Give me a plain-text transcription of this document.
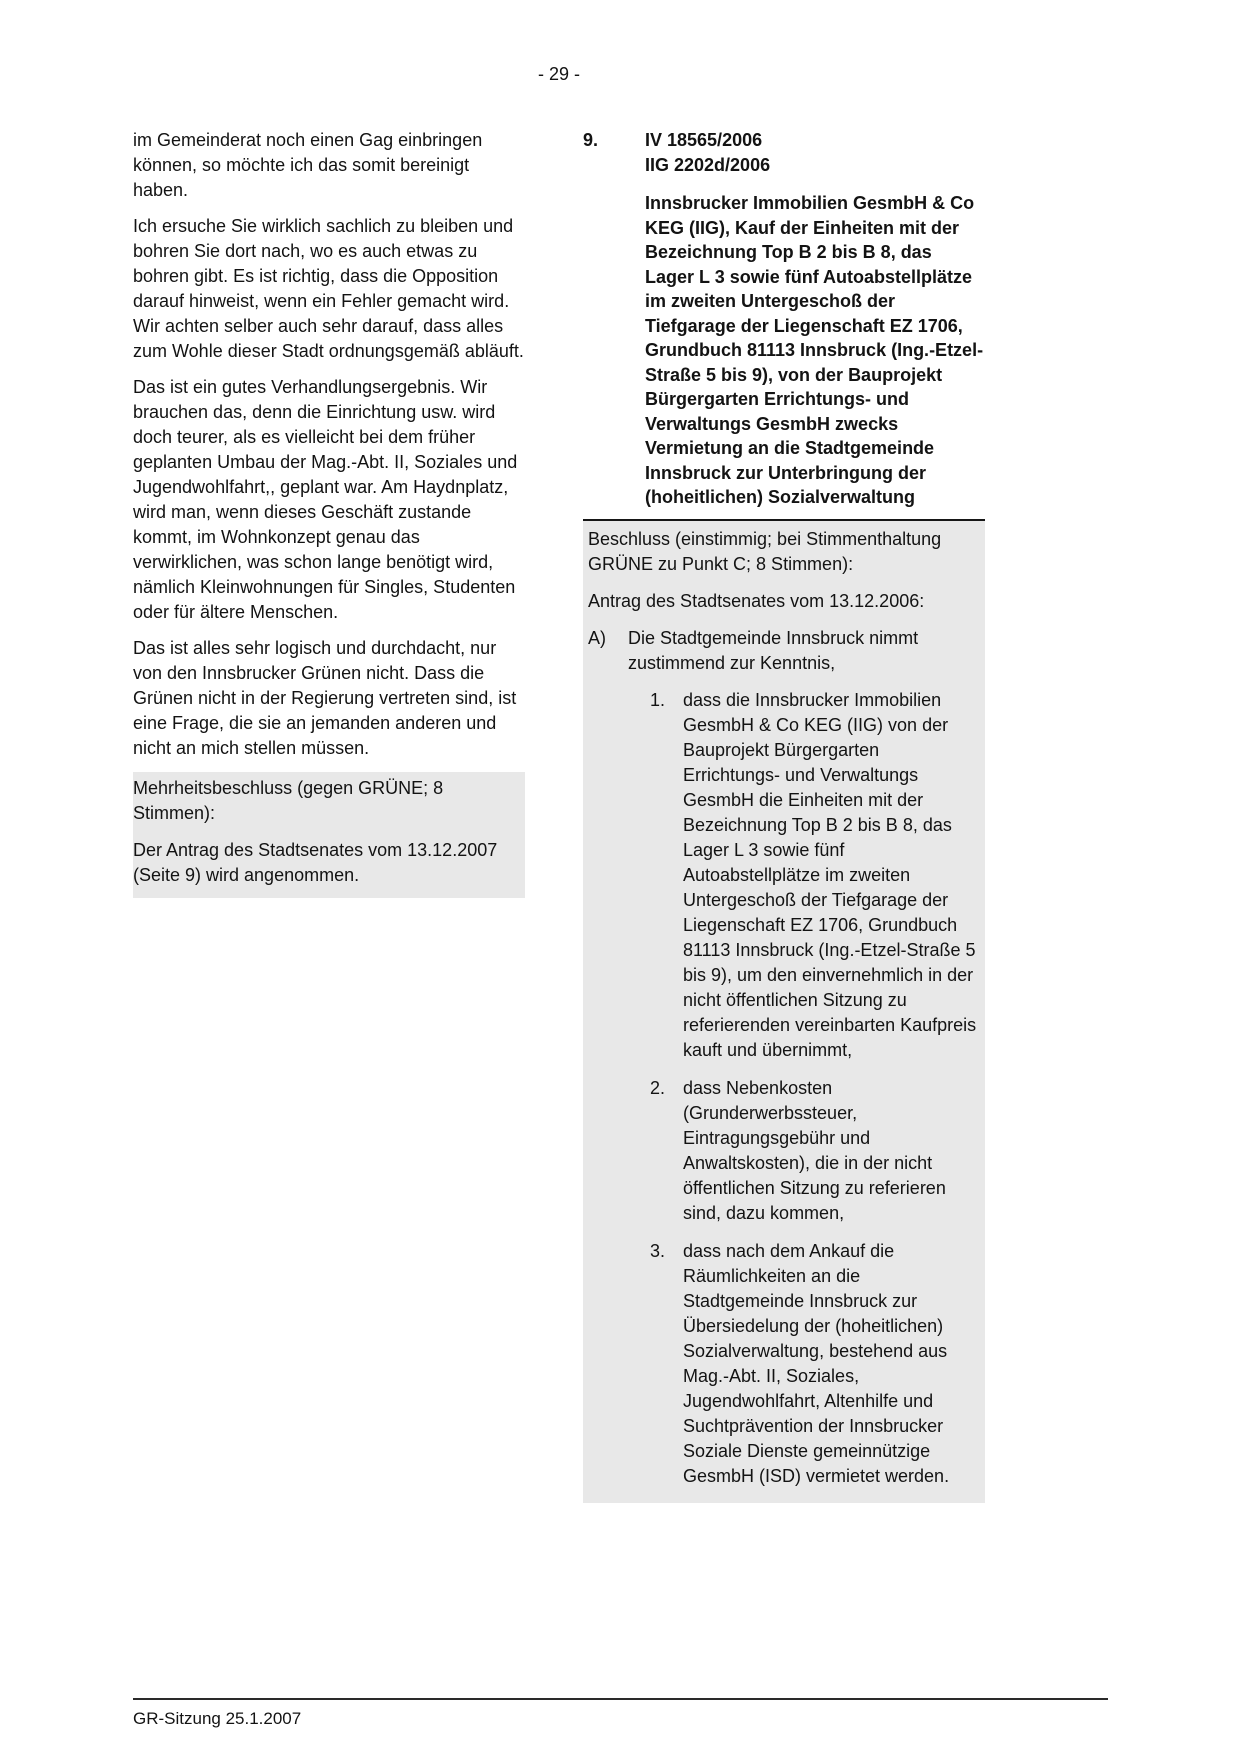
- 29 -

im Gemeinderat noch einen Gag einbringen können, so möchte ich das somit bereinigt haben.

Ich ersuche Sie wirklich sachlich zu bleiben und bohren Sie dort nach, wo es auch etwas zu bohren gibt. Es ist richtig, dass die Opposition darauf hinweist, wenn ein Fehler gemacht wird. Wir achten selber auch sehr darauf, dass alles zum Wohle dieser Stadt ordnungsgemäß abläuft.

Das ist ein gutes Verhandlungsergebnis. Wir brauchen das, denn die Einrichtung usw. wird doch teurer, als es vielleicht bei dem früher geplanten Umbau der Mag.-Abt. II, Soziales und Jugendwohlfahrt,, geplant war. Am Haydnplatz, wird man, wenn dieses Geschäft zustande kommt, im Wohnkonzept genau das verwirklichen, was schon lange benötigt wird, nämlich Kleinwohnungen für Singles, Studenten oder für ältere Menschen.

Das ist alles sehr logisch und durchdacht, nur von den Innsbrucker Grünen nicht. Dass die Grünen nicht in der Regierung vertreten sind, ist eine Frage, die sie an jemanden anderen und nicht an mich stellen müssen.

Mehrheitsbeschluss (gegen GRÜNE; 8 Stimmen):

Der Antrag des Stadtsenates vom 13.12.2007 (Seite 9) wird angenommen.

9.	IV 18565/2006
IIG 2202d/2006

Innsbrucker Immobilien GesmbH & Co KEG (IIG), Kauf der Einheiten mit der Bezeichnung Top B 2 bis B 8, das Lager L 3 sowie fünf Autoabstellplätze im zweiten Untergeschoß der Tiefgarage der Liegenschaft EZ 1706, Grundbuch 81113 Innsbruck (Ing.-Etzel-Straße 5 bis 9), von der Bauprojekt Bürgergarten Errichtungs- und Verwaltungs GesmbH zwecks Vermietung an die Stadtgemeinde Innsbruck zur Unterbringung der (hoheitlichen) Sozialverwaltung

Beschluss (einstimmig; bei Stimmenthaltung GRÜNE zu Punkt C; 8 Stimmen):

Antrag des Stadtsenates vom 13.12.2006:

A)	Die Stadtgemeinde Innsbruck nimmt zustimmend zur Kenntnis,
1. dass die Innsbrucker Immobilien GesmbH & Co KEG (IIG) von der Bauprojekt Bürgergarten Errichtungs- und Verwaltungs GesmbH die Einheiten mit der Bezeichnung Top B 2 bis B 8, das Lager L 3 sowie fünf Autoabstellplätze im zweiten Untergeschoß der Tiefgarage der Liegenschaft EZ 1706, Grundbuch 81113 Innsbruck (Ing.-Etzel-Straße 5 bis 9), um den einvernehmlich in der nicht öffentlichen Sitzung zu referierenden vereinbarten Kaufpreis kauft und übernimmt,
2. dass Nebenkosten (Grunderwerbssteuer, Eintragungsgebühr und Anwaltskosten), die in der nicht öffentlichen Sitzung zu referieren sind, dazu kommen,
3. dass nach dem Ankauf die Räumlichkeiten an die Stadtgemeinde Innsbruck zur Übersiedelung der (hoheitlichen) Sozialverwaltung, bestehend aus Mag.-Abt. II, Soziales, Jugendwohlfahrt, Altenhilfe und Suchtprävention der Innsbrucker Soziale Dienste gemeinnützige GesmbH (ISD) vermietet werden.
GR-Sitzung 25.1.2007
